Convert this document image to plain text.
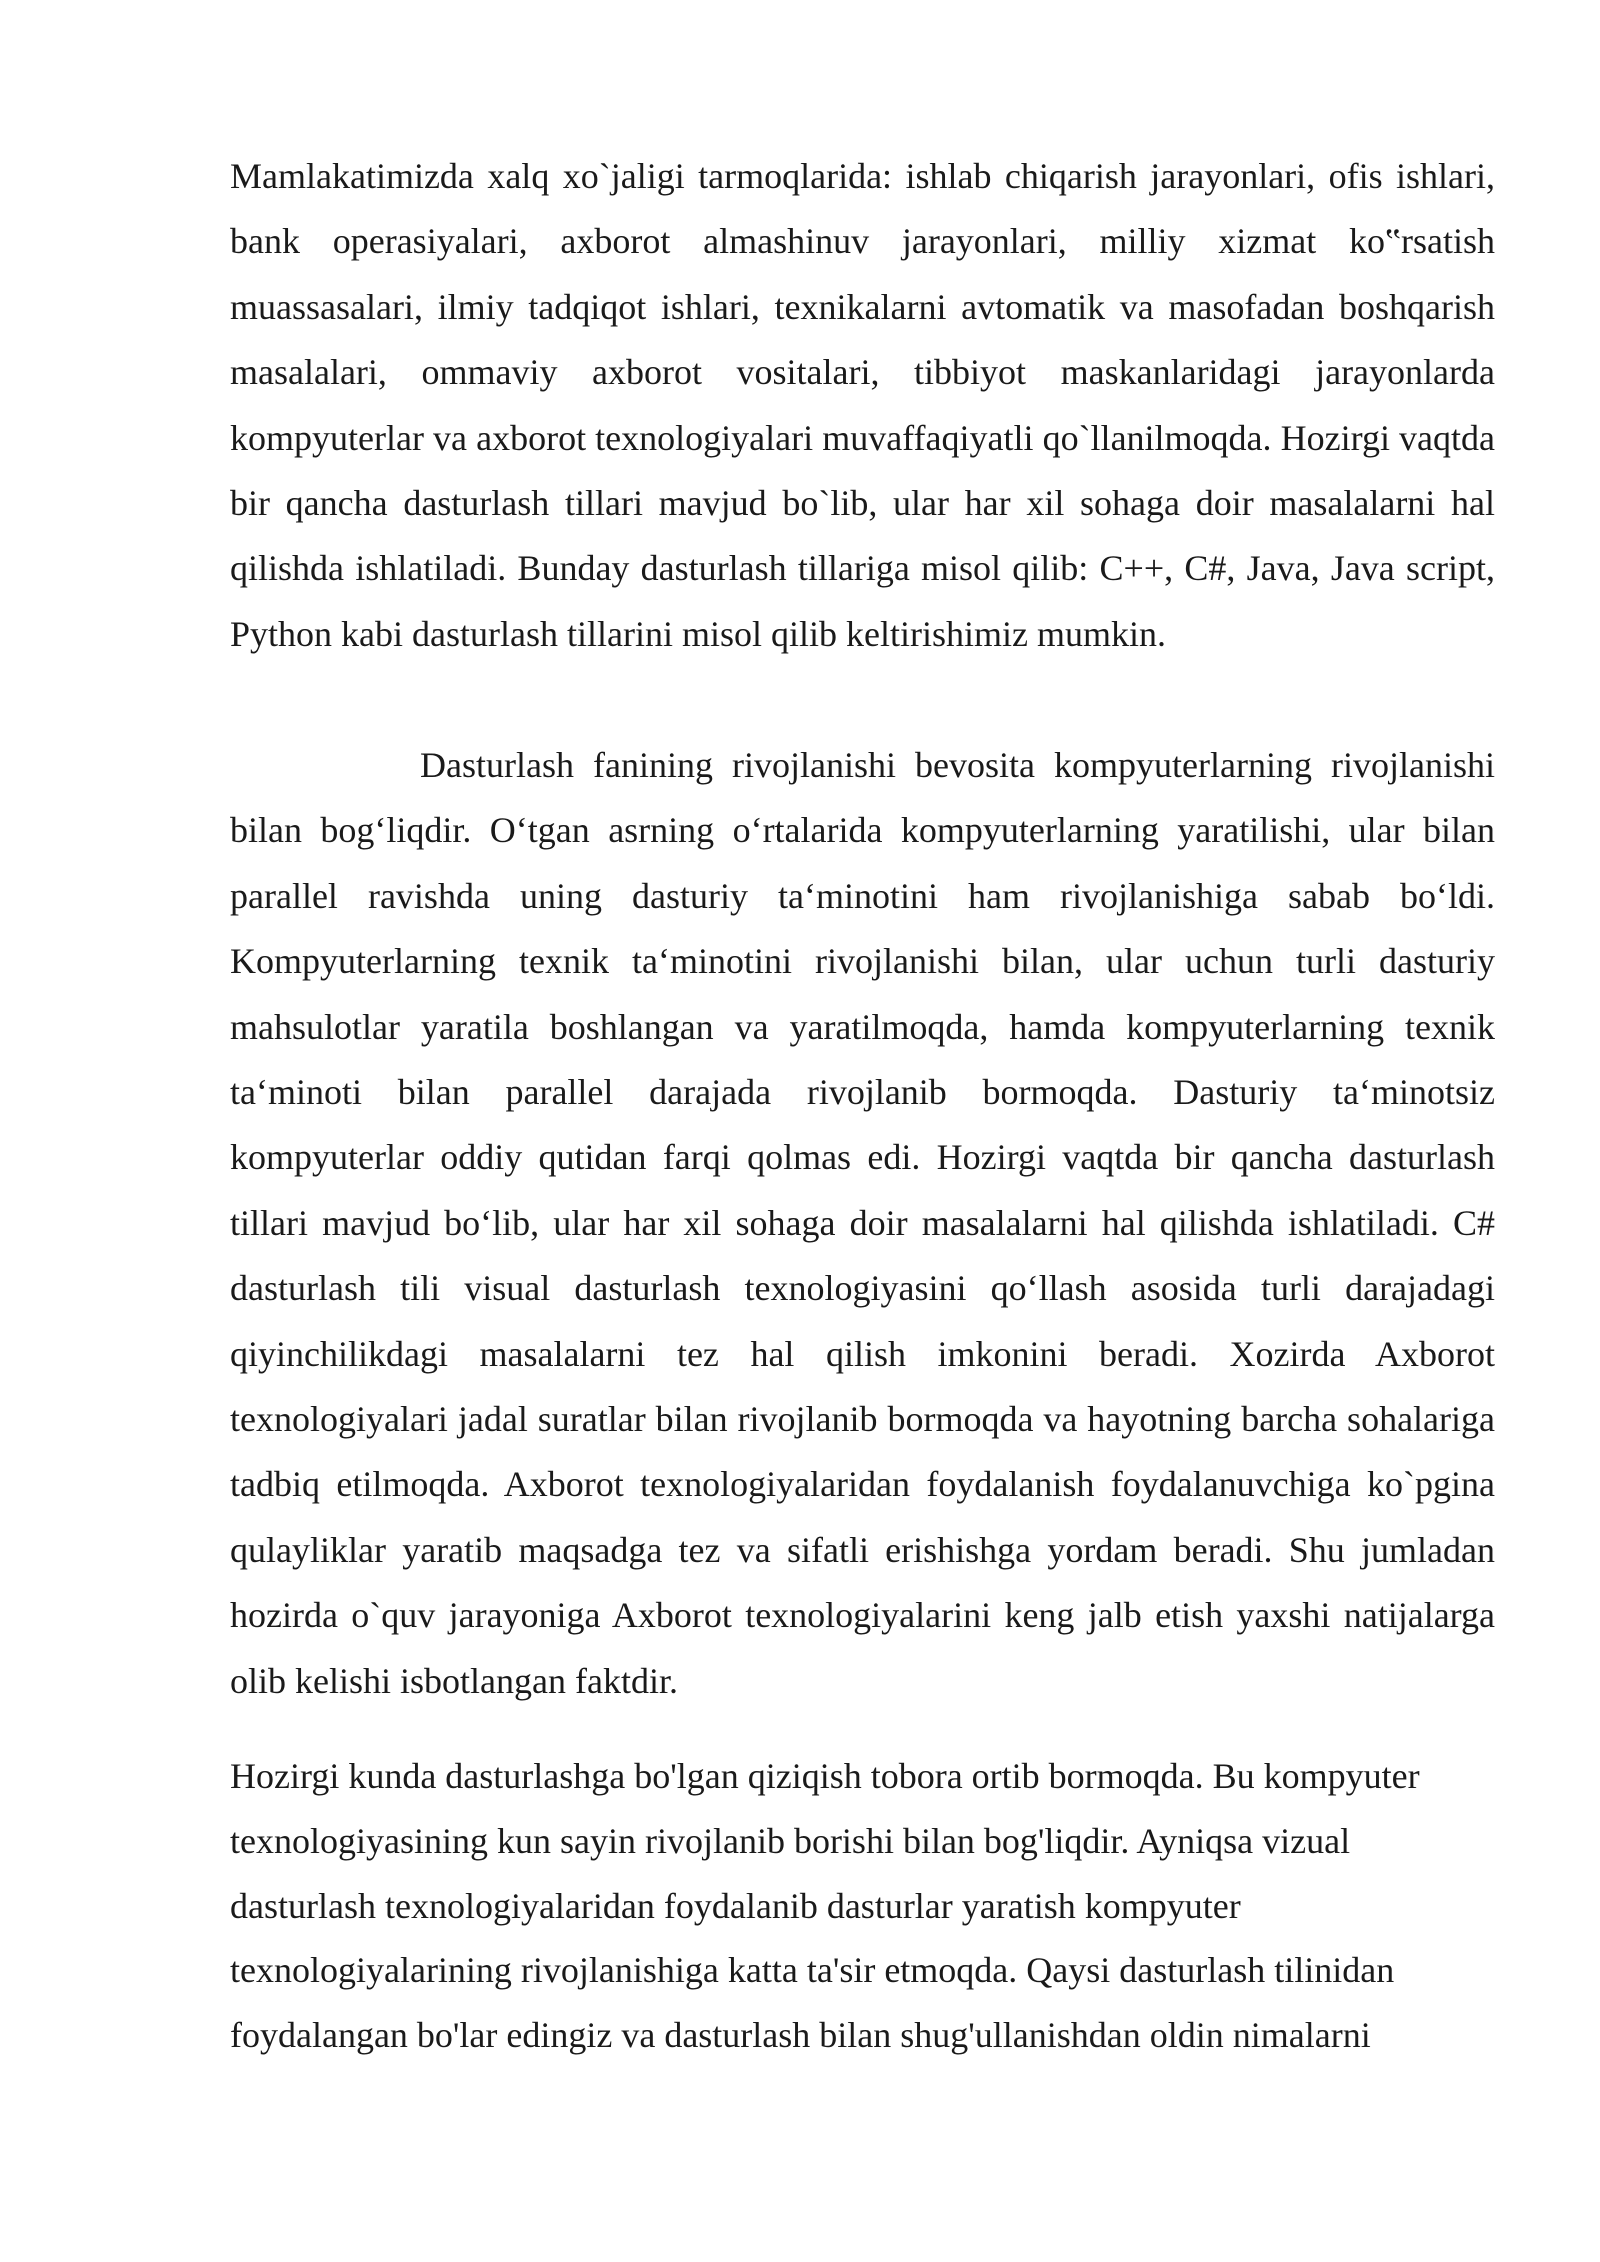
Mamlakatimizda xalq xo`jaligi tarmoqlarida: ishlab chiqarish jarayonlari, ofis ishlari, bank operasiyalari, axborot almashinuv jarayonlari, milliy xizmat ko‟rsatish muassasalari, ilmiy tadqiqot ishlari, texnikalarni avtomatik va masofadan boshqarish masalalari, ommaviy axborot vositalari, tibbiyot maskanlaridagi jarayonlarda kompyuterlar va axborot texnologiyalari muvaffaqiyatli qo`llanilmoqda. Hozirgi vaqtda bir qancha dasturlash tillari mavjud bo`lib, ular har xil sohaga doir masalalarni hal qilishda ishlatiladi. Bunday dasturlash tillariga misol qilib: C++, C#, Java, Java script, Python kabi dasturlash tillarini misol qilib keltirishimiz mumkin.

Dasturlash fanining rivojlanishi bevosita kompyuterlarning rivojlanishi bilan bog‘liqdir. O‘tgan asrning o‘rtalarida kompyuterlarning yaratilishi, ular bilan parallel ravishda uning dasturiy ta‘minotini ham rivojlanishiga sabab bo‘ldi. Kompyuterlarning texnik ta‘minotini rivojlanishi bilan, ular uchun turli dasturiy mahsulotlar yaratila boshlangan va yaratilmoqda, hamda kompyuterlarning texnik ta‘minoti bilan parallel darajada rivojlanib bormoqda. Dasturiy ta‘minotsiz kompyuterlar oddiy qutidan farqi qolmas edi. Hozirgi vaqtda bir qancha dasturlash tillari mavjud bo‘lib, ular har xil sohaga doir masalalarni hal qilishda ishlatiladi. C# dasturlash tili visual dasturlash texnologiyasini qo‘llash asosida turli darajadagi qiyinchilikdagi masalalarni tez hal qilish imkonini beradi. Xozirda Axborot texnologiyalari jadal suratlar bilan rivojlanib bormoqda va hayotning barcha sohalariga tadbiq etilmoqda. Axborot texnologiyalaridan foydalanish foydalanuvchiga ko`pgina qulayliklar yaratib maqsadga tez va sifatli erishishga yordam beradi. Shu jumladan hozirda o`quv jarayoniga Axborot texnologiyalarini keng jalb etish yaxshi natijalarga olib kelishi isbotlangan faktdir.

Hozirgi kunda dasturlashga bo'lgan qiziqish tobora ortib bormoqda. Bu kompyuter
texnologiyasining kun sayin rivojlanib borishi bilan bog'liqdir. Ayniqsa vizual
dasturlash texnologiyalaridan foydalanib dasturlar yaratish kompyuter
texnologiyalarining rivojlanishiga katta ta'sir etmoqda. Qaysi dasturlash tilinidan
foydalangan bo'lar edingiz va dasturlash bilan shug'ullanishdan oldin nimalarni
